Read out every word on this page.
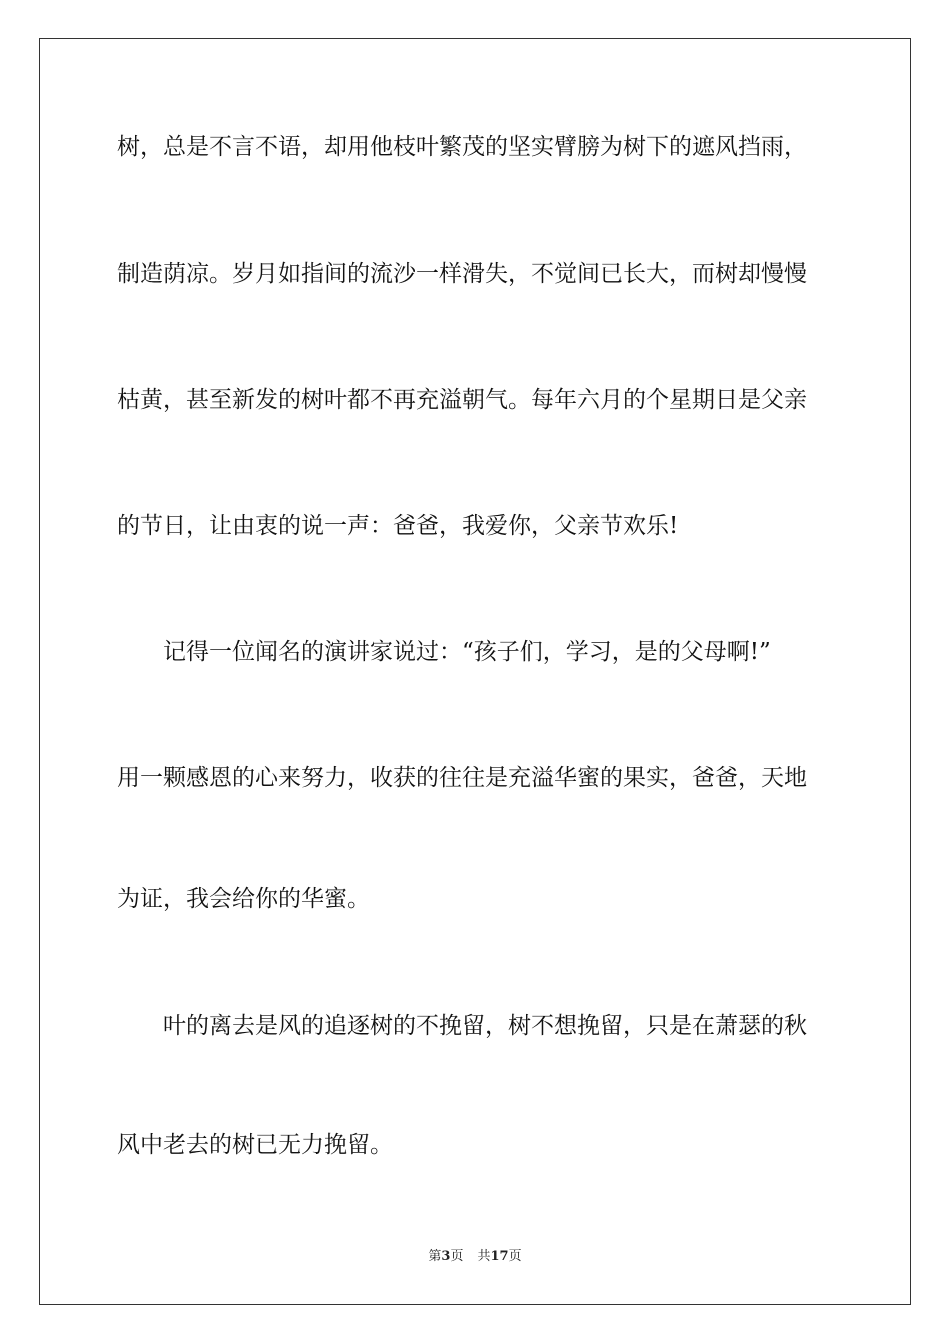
树，总是不言不语，却用他枝叶繁茂的坚实臂膀为树下的遮风挡雨，
制造荫凉。岁月如指间的流沙一样滑失，不觉间已长大，而树却慢慢
枯黄，甚至新发的树叶都不再充溢朝气。每年六月的个星期日是父亲
的节日，让由衷的说一声：爸爸，我爱你，父亲节欢乐!
记得一位闻名的演讲家说过：“孩子们，学习，是的父母啊!”
用一颗感恩的心来努力，收获的往往是充溢华蜜的果实，爸爸，天地
为证，我会给你的华蜜。
叶的离去是风的追逐树的不挽留，树不想挽留，只是在萧瑟的秋
风中老去的树已无力挽留。
第3页 共17页
